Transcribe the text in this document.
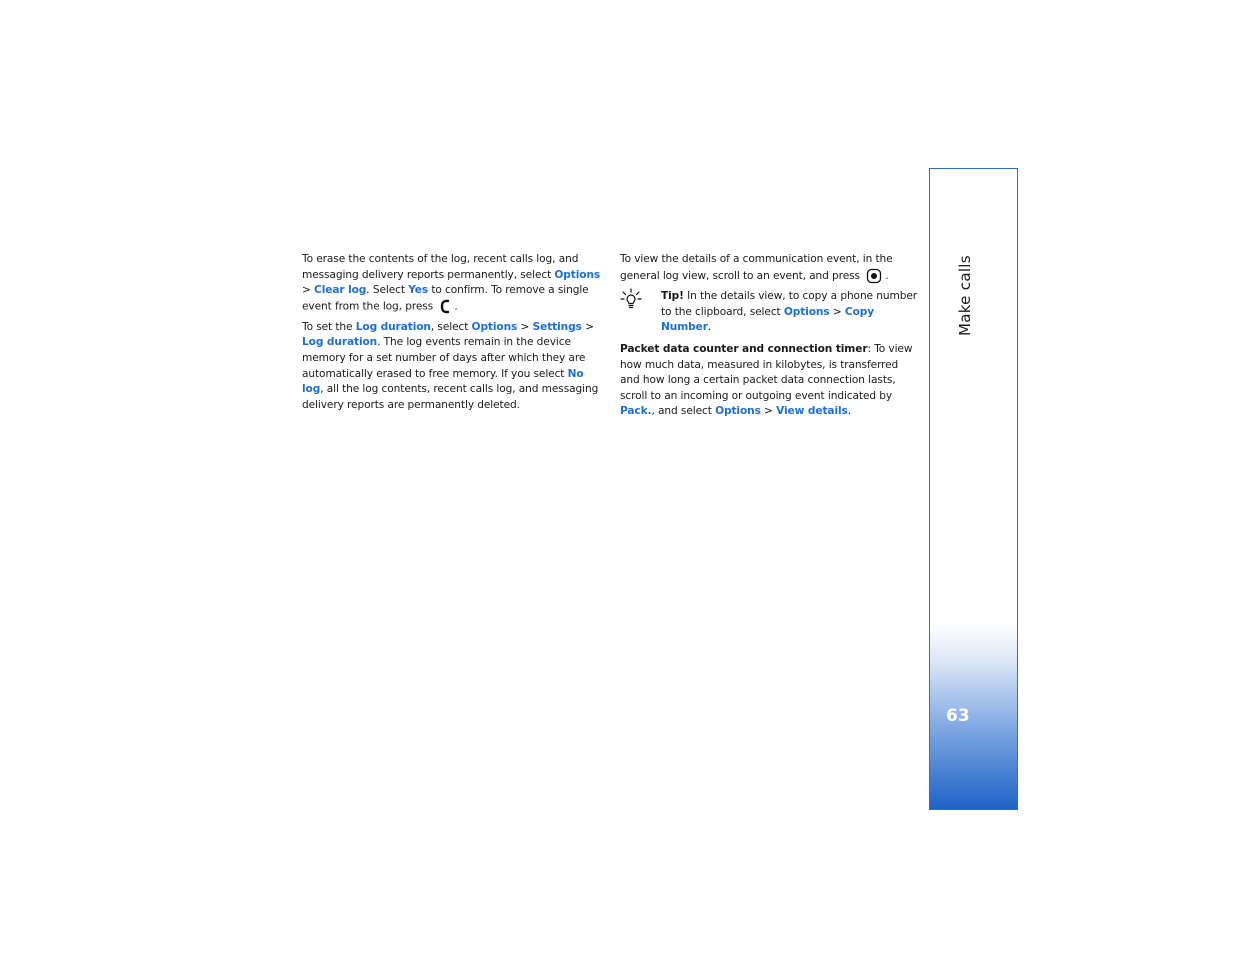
To erase the contents of the log, recent calls log, and messaging delivery reports permanently, select Options > Clear log. Select Yes to confirm. To remove a single event from the log, press .

To set the Log duration, select Options > Settings > Log duration. The log events remain in the device memory for a set number of days after which they are automatically erased to free memory. If you select No log, all the log contents, recent calls log, and messaging delivery reports are permanently deleted.

To view the details of a communication event, in the general log view, scroll to an event, and press .

Tip! In the details view, to copy a phone number to the clipboard, select Options > Copy Number.

Packet data counter and connection timer: To view how much data, measured in kilobytes, is transferred and how long a certain packet data connection lasts, scroll to an incoming or outgoing event indicated by Pack., and select Options > View details.

Make calls
63
